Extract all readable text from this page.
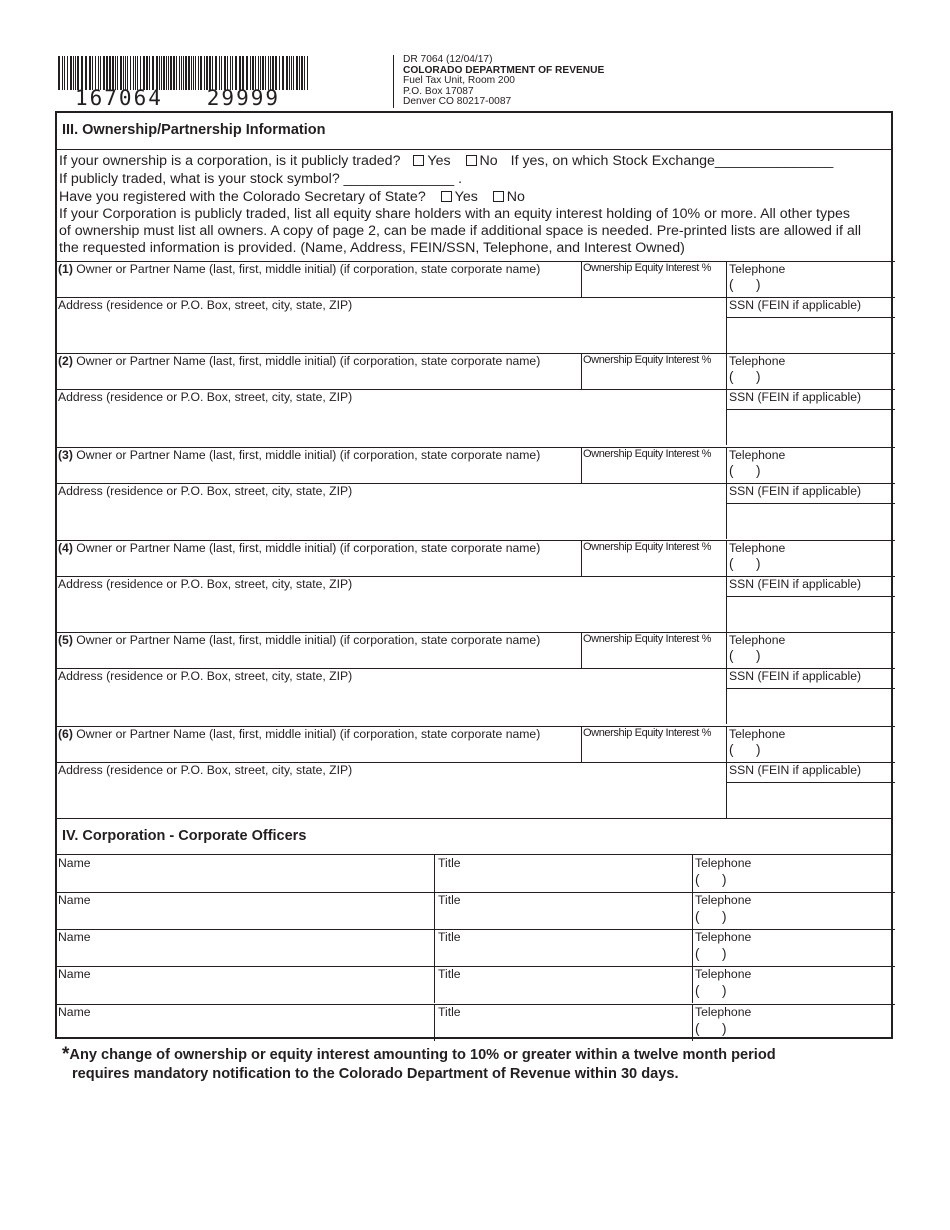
167064   29999
DR 7064 (12/04/17)
COLORADO DEPARTMENT OF REVENUE
Fuel Tax Unit, Room 200
P.O. Box 17087
Denver CO 80217-0087
III. Ownership/Partnership Information
If your ownership is a corporation, is it publicly traded? Yes No If yes, on which Stock Exchange_______________
If publicly traded, what is your stock symbol? ______________ .
Have you registered with the Colorado Secretary of State? Yes No
If your Corporation is publicly traded, list all equity share holders with an equity interest holding of 10% or more. All other types
of ownership must list all owners. A copy of page 2, can be made if additional space is needed. Pre-printed lists are allowed if all
the requested information is provided. (Name, Address, FEIN/SSN, Telephone, and Interest Owned)
(1) Owner or Partner Name (last, first, middle initial) (if corporation, state corporate name)	Ownership Equity Interest % Telephone
(      )
Address (residence or P.O. Box, street, city, state, ZIP)	SSN (FEIN if applicable)
(2) Owner or Partner Name (last, first, middle initial) (if corporation, state corporate name)	Ownership Equity Interest % Telephone
(      )
Address (residence or P.O. Box, street, city, state, ZIP)	SSN (FEIN if applicable)
(3) Owner or Partner Name (last, first, middle initial) (if corporation, state corporate name)	Ownership Equity Interest % Telephone
(      )
Address (residence or P.O. Box, street, city, state, ZIP)	SSN (FEIN if applicable)
(4) Owner or Partner Name (last, first, middle initial) (if corporation, state corporate name)	Ownership Equity Interest % Telephone
(      )
Address (residence or P.O. Box, street, city, state, ZIP)	SSN (FEIN if applicable)
(5) Owner or Partner Name (last, first, middle initial) (if corporation, state corporate name)	Ownership Equity Interest % Telephone
(      )
Address (residence or P.O. Box, street, city, state, ZIP)	SSN (FEIN if applicable)
(6) Owner or Partner Name (last, first, middle initial) (if corporation, state corporate name)	Ownership Equity Interest % Telephone
(      )
Address (residence or P.O. Box, street, city, state, ZIP)	SSN (FEIN if applicable)
IV. Corporation - Corporate Officers
Name	Title	Telephone
(      )
Name	Title	Telephone
(      )
Name	Title	Telephone
(      )
Name	Title	Telephone
(      )
Name	Title	Telephone
(      )
*Any change of ownership or equity interest amounting to 10% or greater within a twelve month period
requires mandatory notification to the Colorado Department of Revenue within 30 days.
